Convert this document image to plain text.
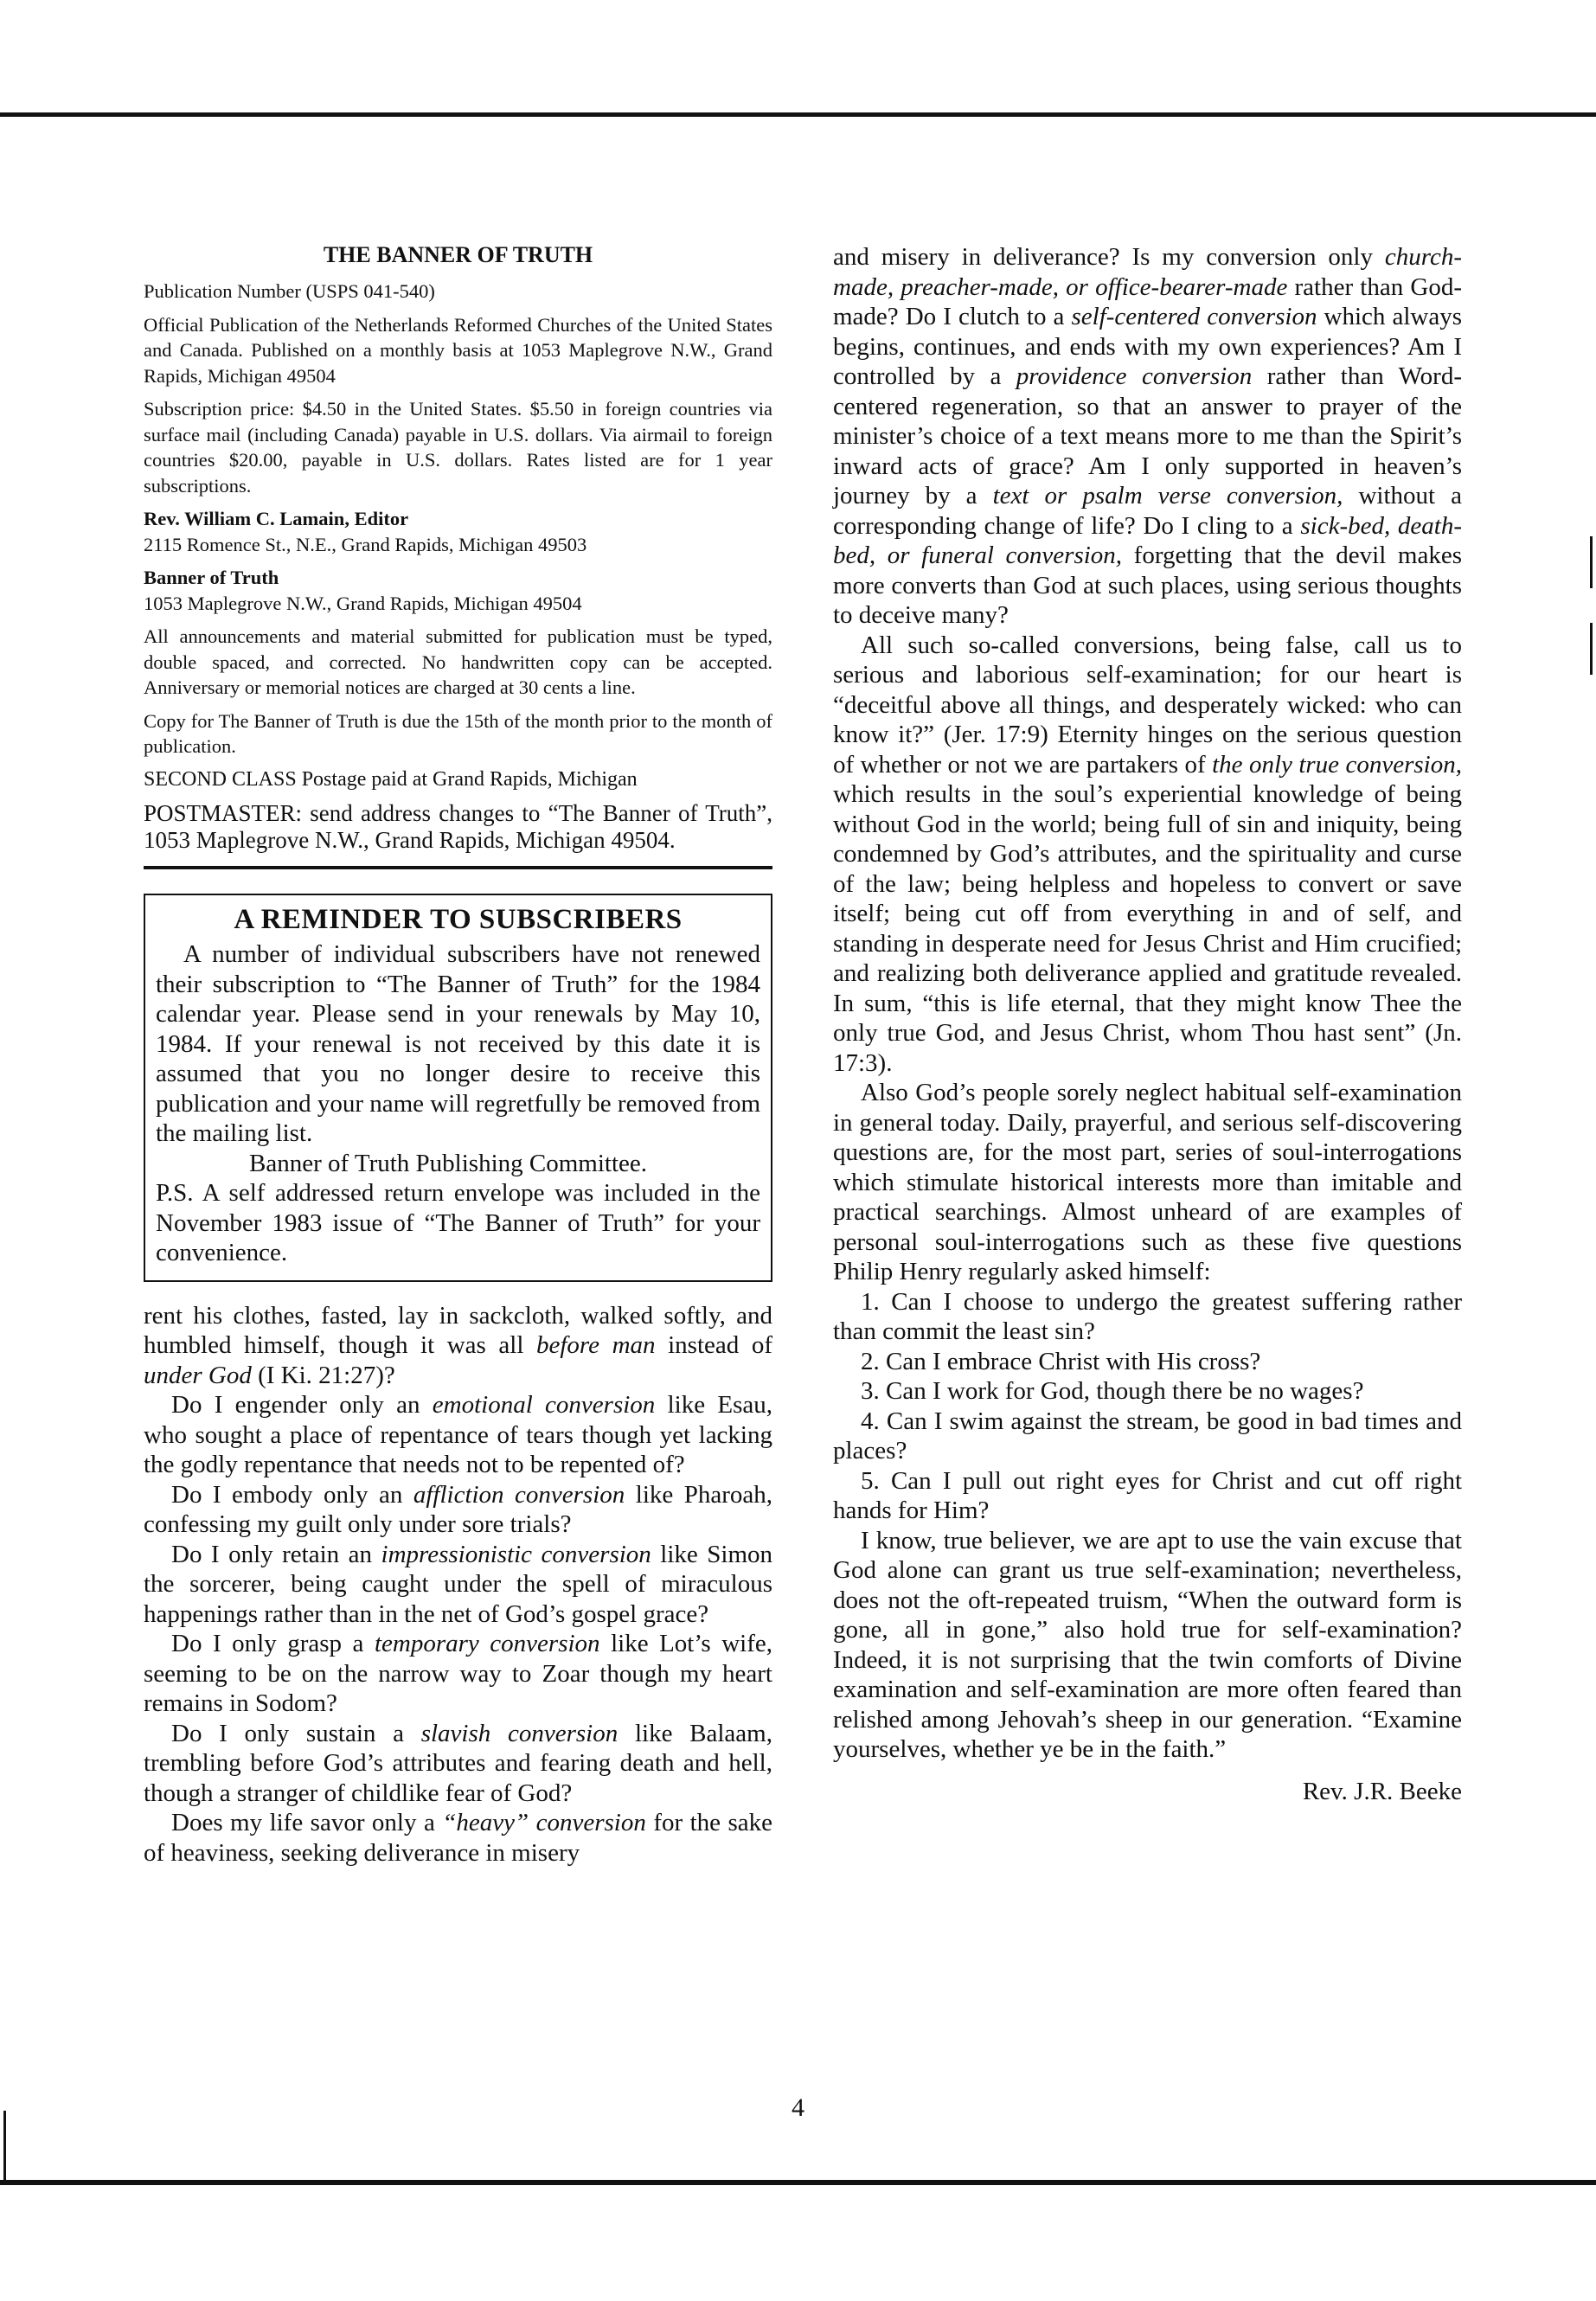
THE BANNER OF TRUTH

Publication Number (USPS 041-540)

Official Publication of the Netherlands Reformed Churches of the United States and Canada. Published on a monthly basis at 1053 Maplegrove N.W., Grand Rapids, Michigan 49504

Subscription price: $4.50 in the United States. $5.50 in foreign countries via surface mail (including Canada) payable in U.S. dollars. Via airmail to foreign countries $20.00, payable in U.S. dollars. Rates listed are for 1 year subscriptions.

Rev. William C. Lamain, Editor

2115 Romence St., N.E., Grand Rapids, Michigan 49503

Banner of Truth

1053 Maplegrove N.W., Grand Rapids, Michigan 49504

All announcements and material submitted for publication must be typed, double spaced, and corrected. No handwritten copy can be accepted. Anniversary or memorial notices are charged at 30 cents a line.

Copy for The Banner of Truth is due the 15th of the month prior to the month of publication.

SECOND CLASS Postage paid at Grand Rapids, Michigan

POSTMASTER: send address changes to “The Banner of Truth”, 1053 Maplegrove N.W., Grand Rapids, Michigan 49504.

A REMINDER TO SUBSCRIBERS

A number of individual subscribers have not renewed their subscription to “The Banner of Truth” for the 1984 calendar year. Please send in your renewals by May 10, 1984. If your renewal is not received by this date it is assumed that you no longer desire to receive this publication and your name will regretfully be removed from the mailing list.

Banner of Truth Publishing Committee.

P.S. A self addressed return envelope was included in the November 1983 issue of “The Banner of Truth” for your convenience.

rent his clothes, fasted, lay in sackcloth, walked softly, and humbled himself, though it was all before man instead of under God (I Ki. 21:27)?

Do I engender only an emotional conversion like Esau, who sought a place of repentance of tears though yet lacking the godly repentance that needs not to be repented of?

Do I embody only an affliction conversion like Pharoah, confessing my guilt only under sore trials?

Do I only retain an impressionistic conversion like Simon the sorcerer, being caught under the spell of miraculous happenings rather than in the net of God’s gospel grace?

Do I only grasp a temporary conversion like Lot’s wife, seeming to be on the narrow way to Zoar though my heart remains in Sodom?

Do I only sustain a slavish conversion like Balaam, trembling before God’s attributes and fearing death and hell, though a stranger of childlike fear of God?

Does my life savor only a “heavy” conversion for the sake of heaviness, seeking deliverance in misery

and misery in deliverance? Is my conversion only church-made, preacher-made, or office-bearer-made rather than God-made? Do I clutch to a self-centered conversion which always begins, continues, and ends with my own experiences? Am I controlled by a providence conversion rather than Word-centered regeneration, so that an answer to prayer of the minister’s choice of a text means more to me than the Spirit’s inward acts of grace? Am I only supported in heaven’s journey by a text or psalm verse conversion, without a corresponding change of life? Do I cling to a sick-bed, death-bed, or funeral conversion, forgetting that the devil makes more converts than God at such places, using serious thoughts to deceive many?

All such so-called conversions, being false, call us to serious and laborious self-examination; for our heart is “deceitful above all things, and desperately wicked: who can know it?” (Jer. 17:9) Eternity hinges on the serious question of whether or not we are partakers of the only true conversion, which results in the soul’s experiential knowledge of being without God in the world; being full of sin and iniquity, being condemned by God’s attributes, and the spirituality and curse of the law; being helpless and hopeless to convert or save itself; being cut off from everything in and of self, and standing in desperate need for Jesus Christ and Him crucified; and realizing both deliverance applied and gratitude revealed. In sum, “this is life eternal, that they might know Thee the only true God, and Jesus Christ, whom Thou hast sent” (Jn. 17:3).

Also God’s people sorely neglect habitual self-examination in general today. Daily, prayerful, and serious self-discovering questions are, for the most part, series of soul-interrogations which stimulate historical interests more than imitable and practical searchings. Almost unheard of are examples of personal soul-interrogations such as these five questions Philip Henry regularly asked himself:

1. Can I choose to undergo the greatest suffering rather than commit the least sin?

2. Can I embrace Christ with His cross?

3. Can I work for God, though there be no wages?

4. Can I swim against the stream, be good in bad times and places?

5. Can I pull out right eyes for Christ and cut off right hands for Him?

I know, true believer, we are apt to use the vain excuse that God alone can grant us true self-examination; nevertheless, does not the oft-repeated truism, “When the outward form is gone, all in gone,” also hold true for self-examination? Indeed, it is not surprising that the twin comforts of Divine examination and self-examination are more often feared than relished among Jehovah’s sheep in our generation. “Examine yourselves, whether ye be in the faith.”

Rev. J.R. Beeke

4
